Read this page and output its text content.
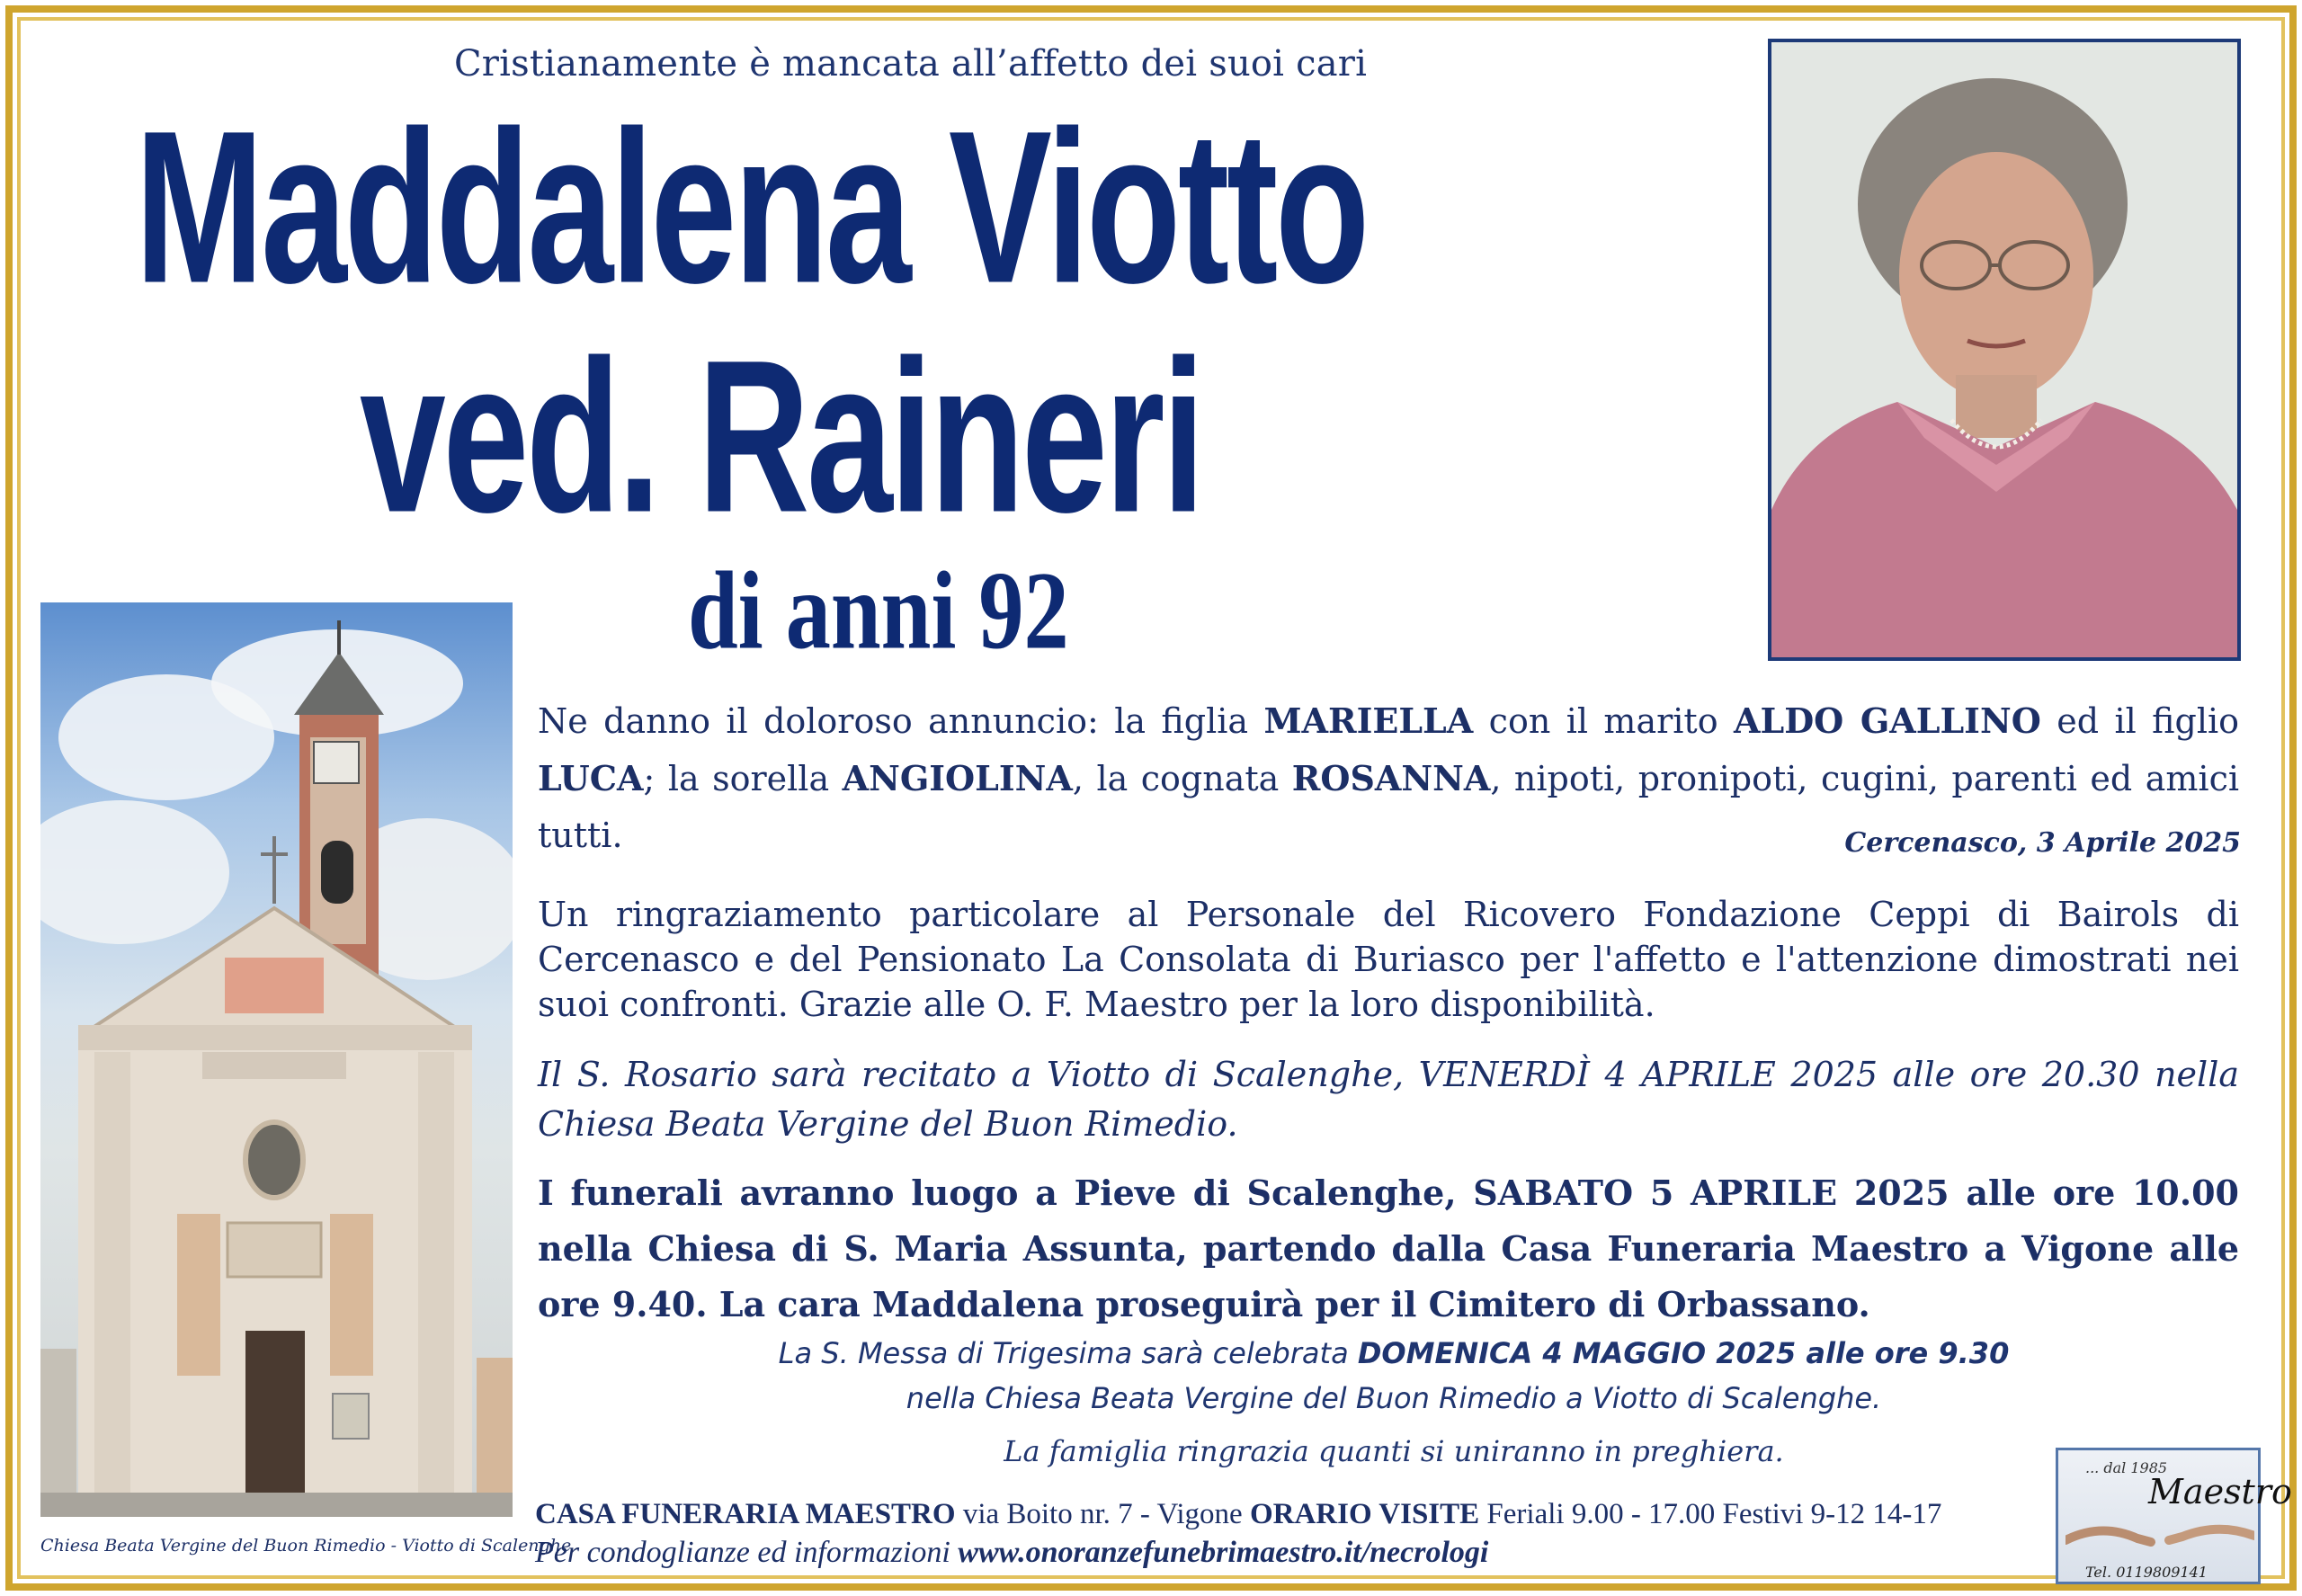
Cristianamente è mancata all’affetto dei suoi cari
Maddalena Viotto
ved. Raineri
di anni 92
Chiesa Beata Vergine del Buon Rimedio - Viotto di Scalenghe
Ne danno il doloroso annuncio: la figlia MARIELLA con il marito ALDO GALLINO ed il figlio LUCA; la sorella ANGIOLINA, la cognata ROSANNA, nipoti, pronipoti, cugini, parenti ed amici tutti.	Cercenasco, 3 Aprile 2025
Un ringraziamento particolare al Personale del Ricovero Fondazione Ceppi di Bairols di Cercenasco e del Pensionato La Consolata di Buriasco per l'affetto e l'attenzione dimostrati nei suoi confronti. Grazie alle O. F. Maestro per la loro disponibilità.
Il S. Rosario sarà recitato a Viotto di Scalenghe, VENERDÌ 4 APRILE 2025 alle ore 20.30 nella Chiesa Beata Vergine del Buon Rimedio.
I funerali avranno luogo a Pieve di Scalenghe, SABATO 5 APRILE 2025 alle ore 10.00 nella Chiesa di S. Maria Assunta, partendo dalla Casa Funeraria Maestro a Vigone alle ore 9.40. La cara Maddalena proseguirà per il Cimitero di Orbassano.
La S. Messa di Trigesima sarà celebrata DOMENICA 4 MAGGIO 2025 alle ore 9.30
nella Chiesa Beata Vergine del Buon Rimedio a Viotto di Scalenghe.
La famiglia ringrazia quanti si uniranno in preghiera.
CASA FUNERARIA MAESTRO via Boito nr. 7 - Vigone ORARIO VISITE Feriali 9.00 - 17.00 Festivi 9-12 14-17
Per condoglianze ed informazioni www.onoranzefunebrimaestro.it/necrologi
... dal 1985
Maestro
Tel. 0119809141
